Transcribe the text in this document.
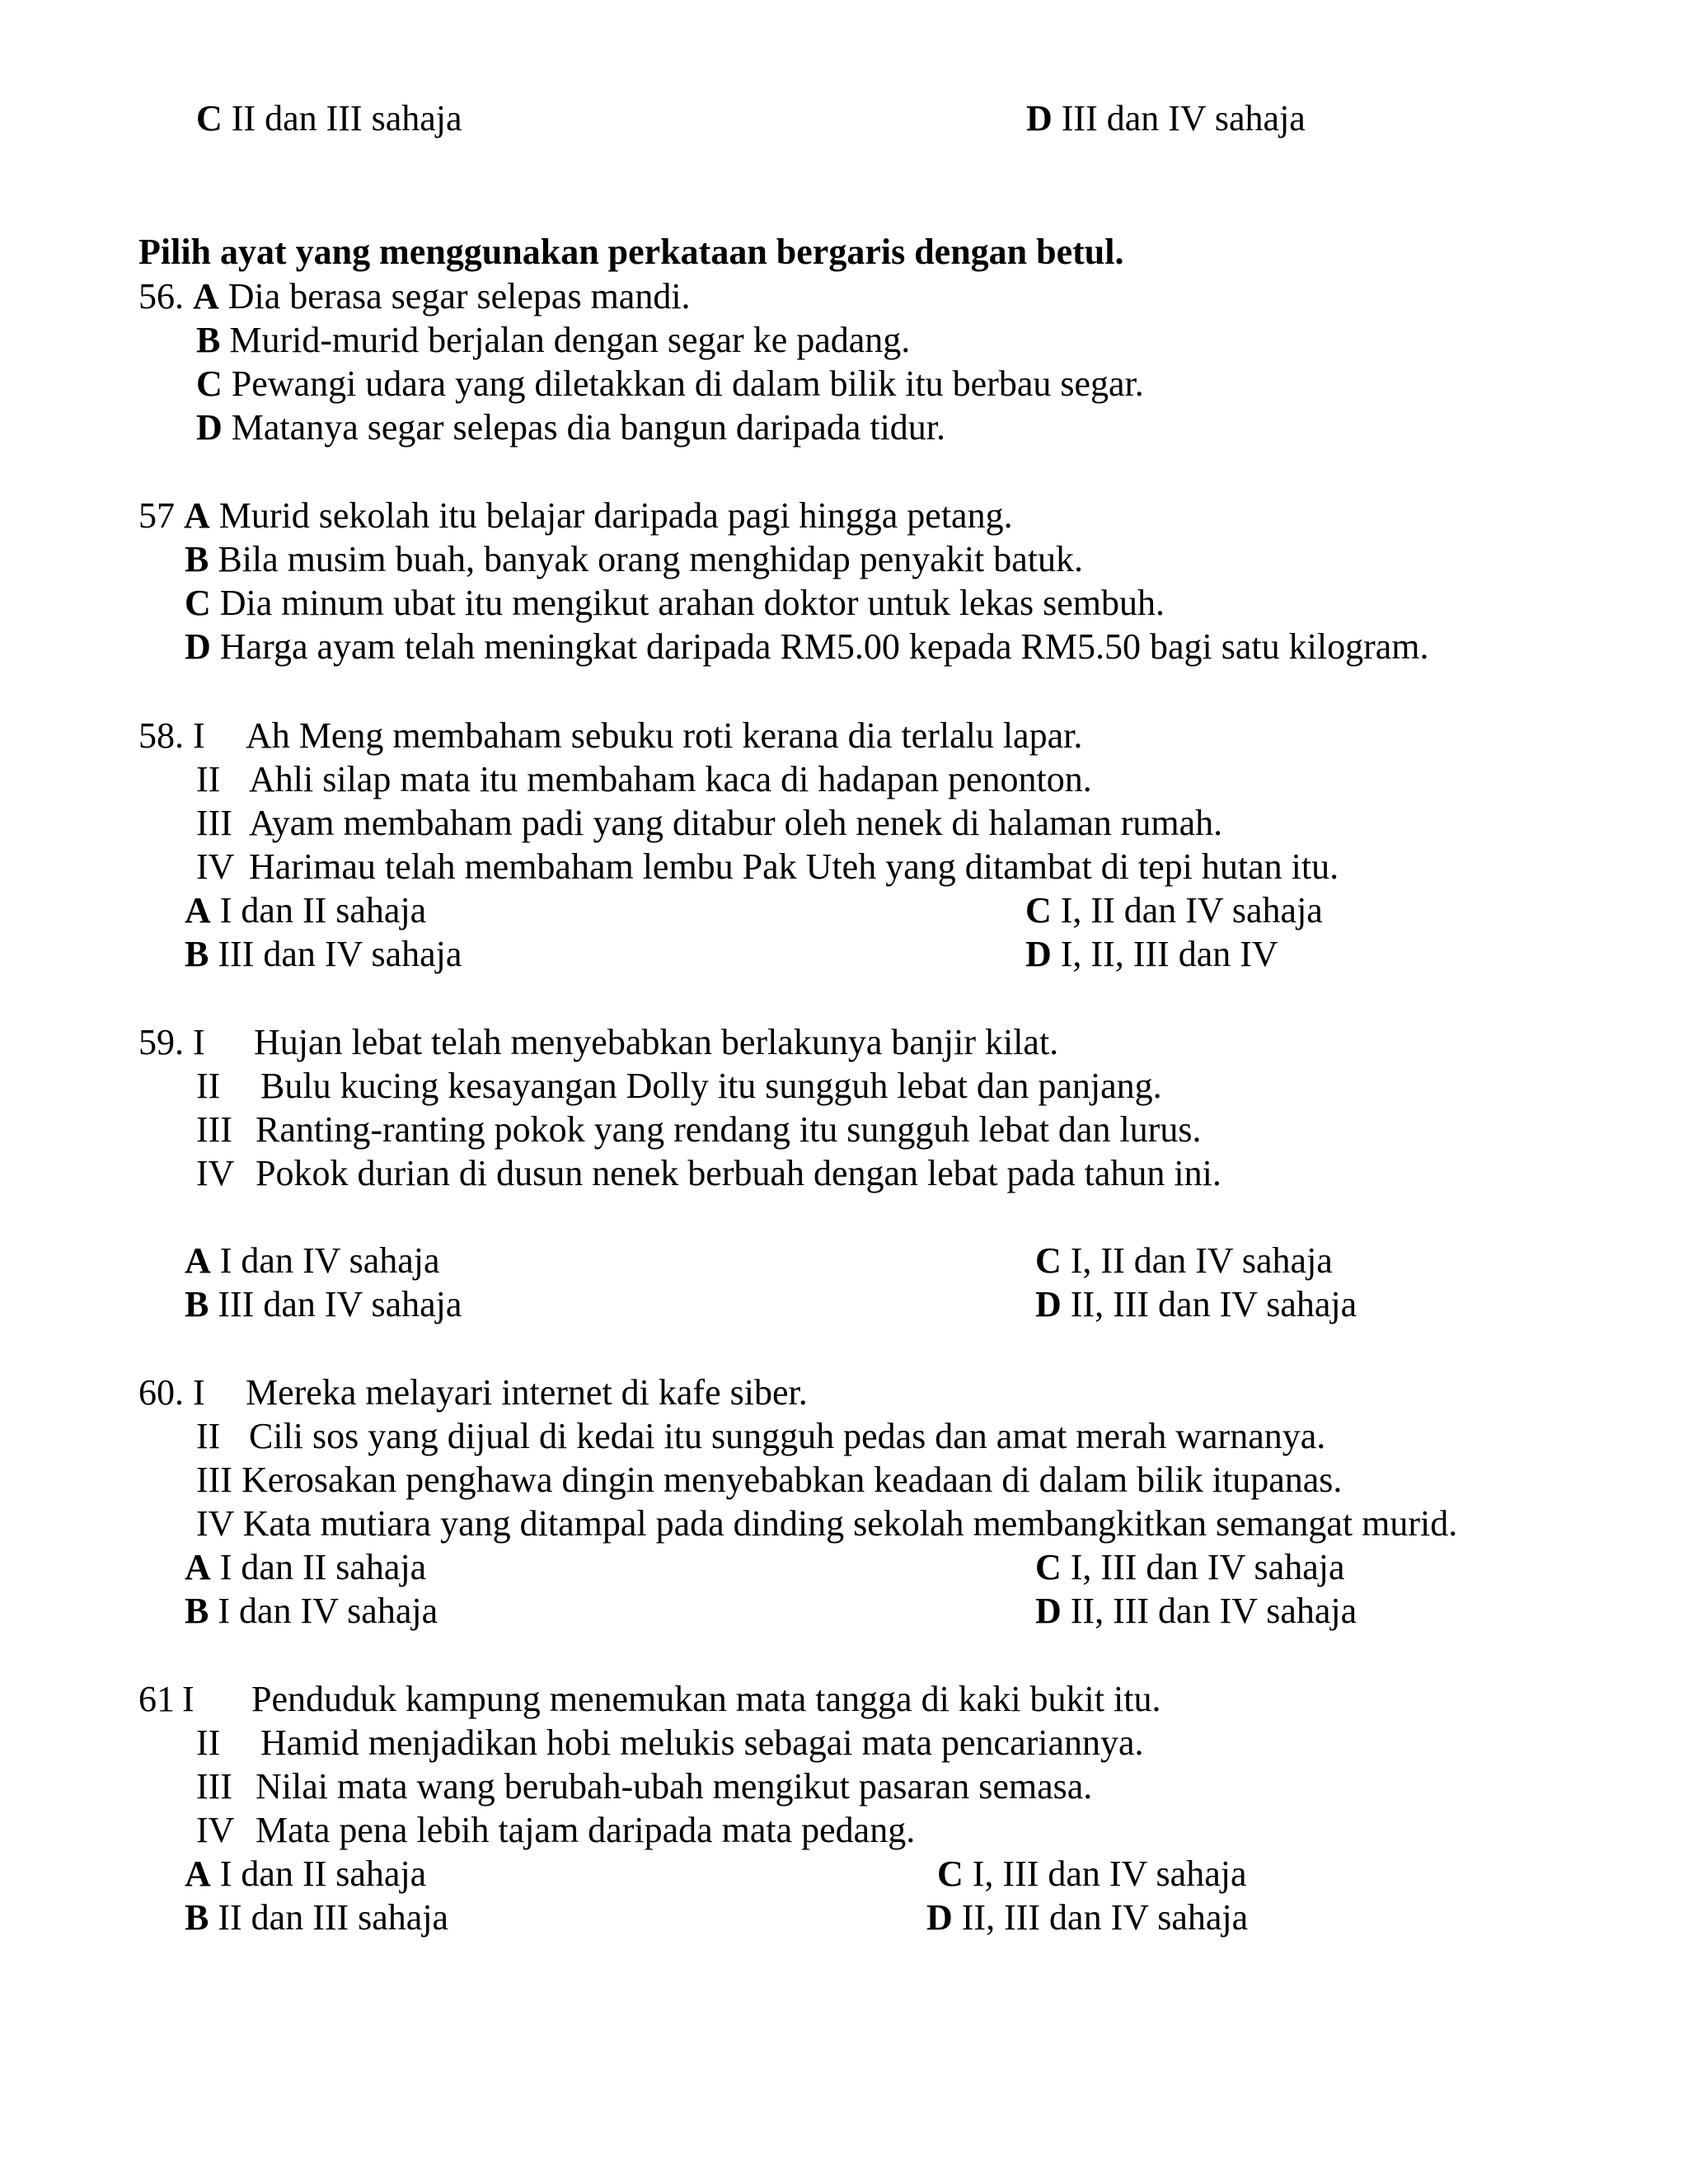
C II dan III sahaja	D III dan IV sahaja
Pilih ayat yang menggunakan perkataan bergaris dengan betul.
56. A Dia berasa segar selepas mandi.
B Murid-murid berjalan dengan segar ke padang.
C Pewangi udara yang diletakkan di dalam bilik itu berbau segar.
D Matanya segar selepas dia bangun daripada tidur.
57 A Murid sekolah itu belajar daripada pagi hingga petang.
B Bila musim buah, banyak orang menghidap penyakit batuk.
C Dia minum ubat itu mengikut arahan doktor untuk lekas sembuh.
D Harga ayam telah meningkat daripada RM5.00 kepada RM5.50 bagi satu kilogram.
58. I Ah Meng membaham sebuku roti kerana dia terlalu lapar.
II Ahli silap mata itu membaham kaca di hadapan penonton.
III Ayam membaham padi yang ditabur oleh nenek di halaman rumah.
IV Harimau telah membaham lembu Pak Uteh yang ditambat di tepi hutan itu.
A I dan II sahaja	C I, II dan IV sahaja
B III dan IV sahaja	D I, II, III dan IV
59. I Hujan lebat telah menyebabkan berlakunya banjir kilat.
II Bulu kucing kesayangan Dolly itu sungguh lebat dan panjang.
III Ranting-ranting pokok yang rendang itu sungguh lebat dan lurus.
IV Pokok durian di dusun nenek berbuah dengan lebat pada tahun ini.
A I dan IV sahaja	C I, II dan IV sahaja
B III dan IV sahaja	D II, III dan IV sahaja
60. I Mereka melayari internet di kafe siber.
II Cili sos yang dijual di kedai itu sungguh pedas dan amat merah warnanya.
III Kerosakan penghawa dingin menyebabkan keadaan di dalam bilik itupanas.
IV Kata mutiara yang ditampal pada dinding sekolah membangkitkan semangat murid.
A I dan II sahaja	C I, III dan IV sahaja
B I dan IV sahaja	D II, III dan IV sahaja
61 I Penduduk kampung menemukan mata tangga di kaki bukit itu.
II Hamid menjadikan hobi melukis sebagai mata pencariannya.
III Nilai mata wang berubah-ubah mengikut pasaran semasa.
IV Mata pena lebih tajam daripada mata pedang.
A I dan II sahaja	C I, III dan IV sahaja
B II dan III sahaja	D II, III dan IV sahaja
